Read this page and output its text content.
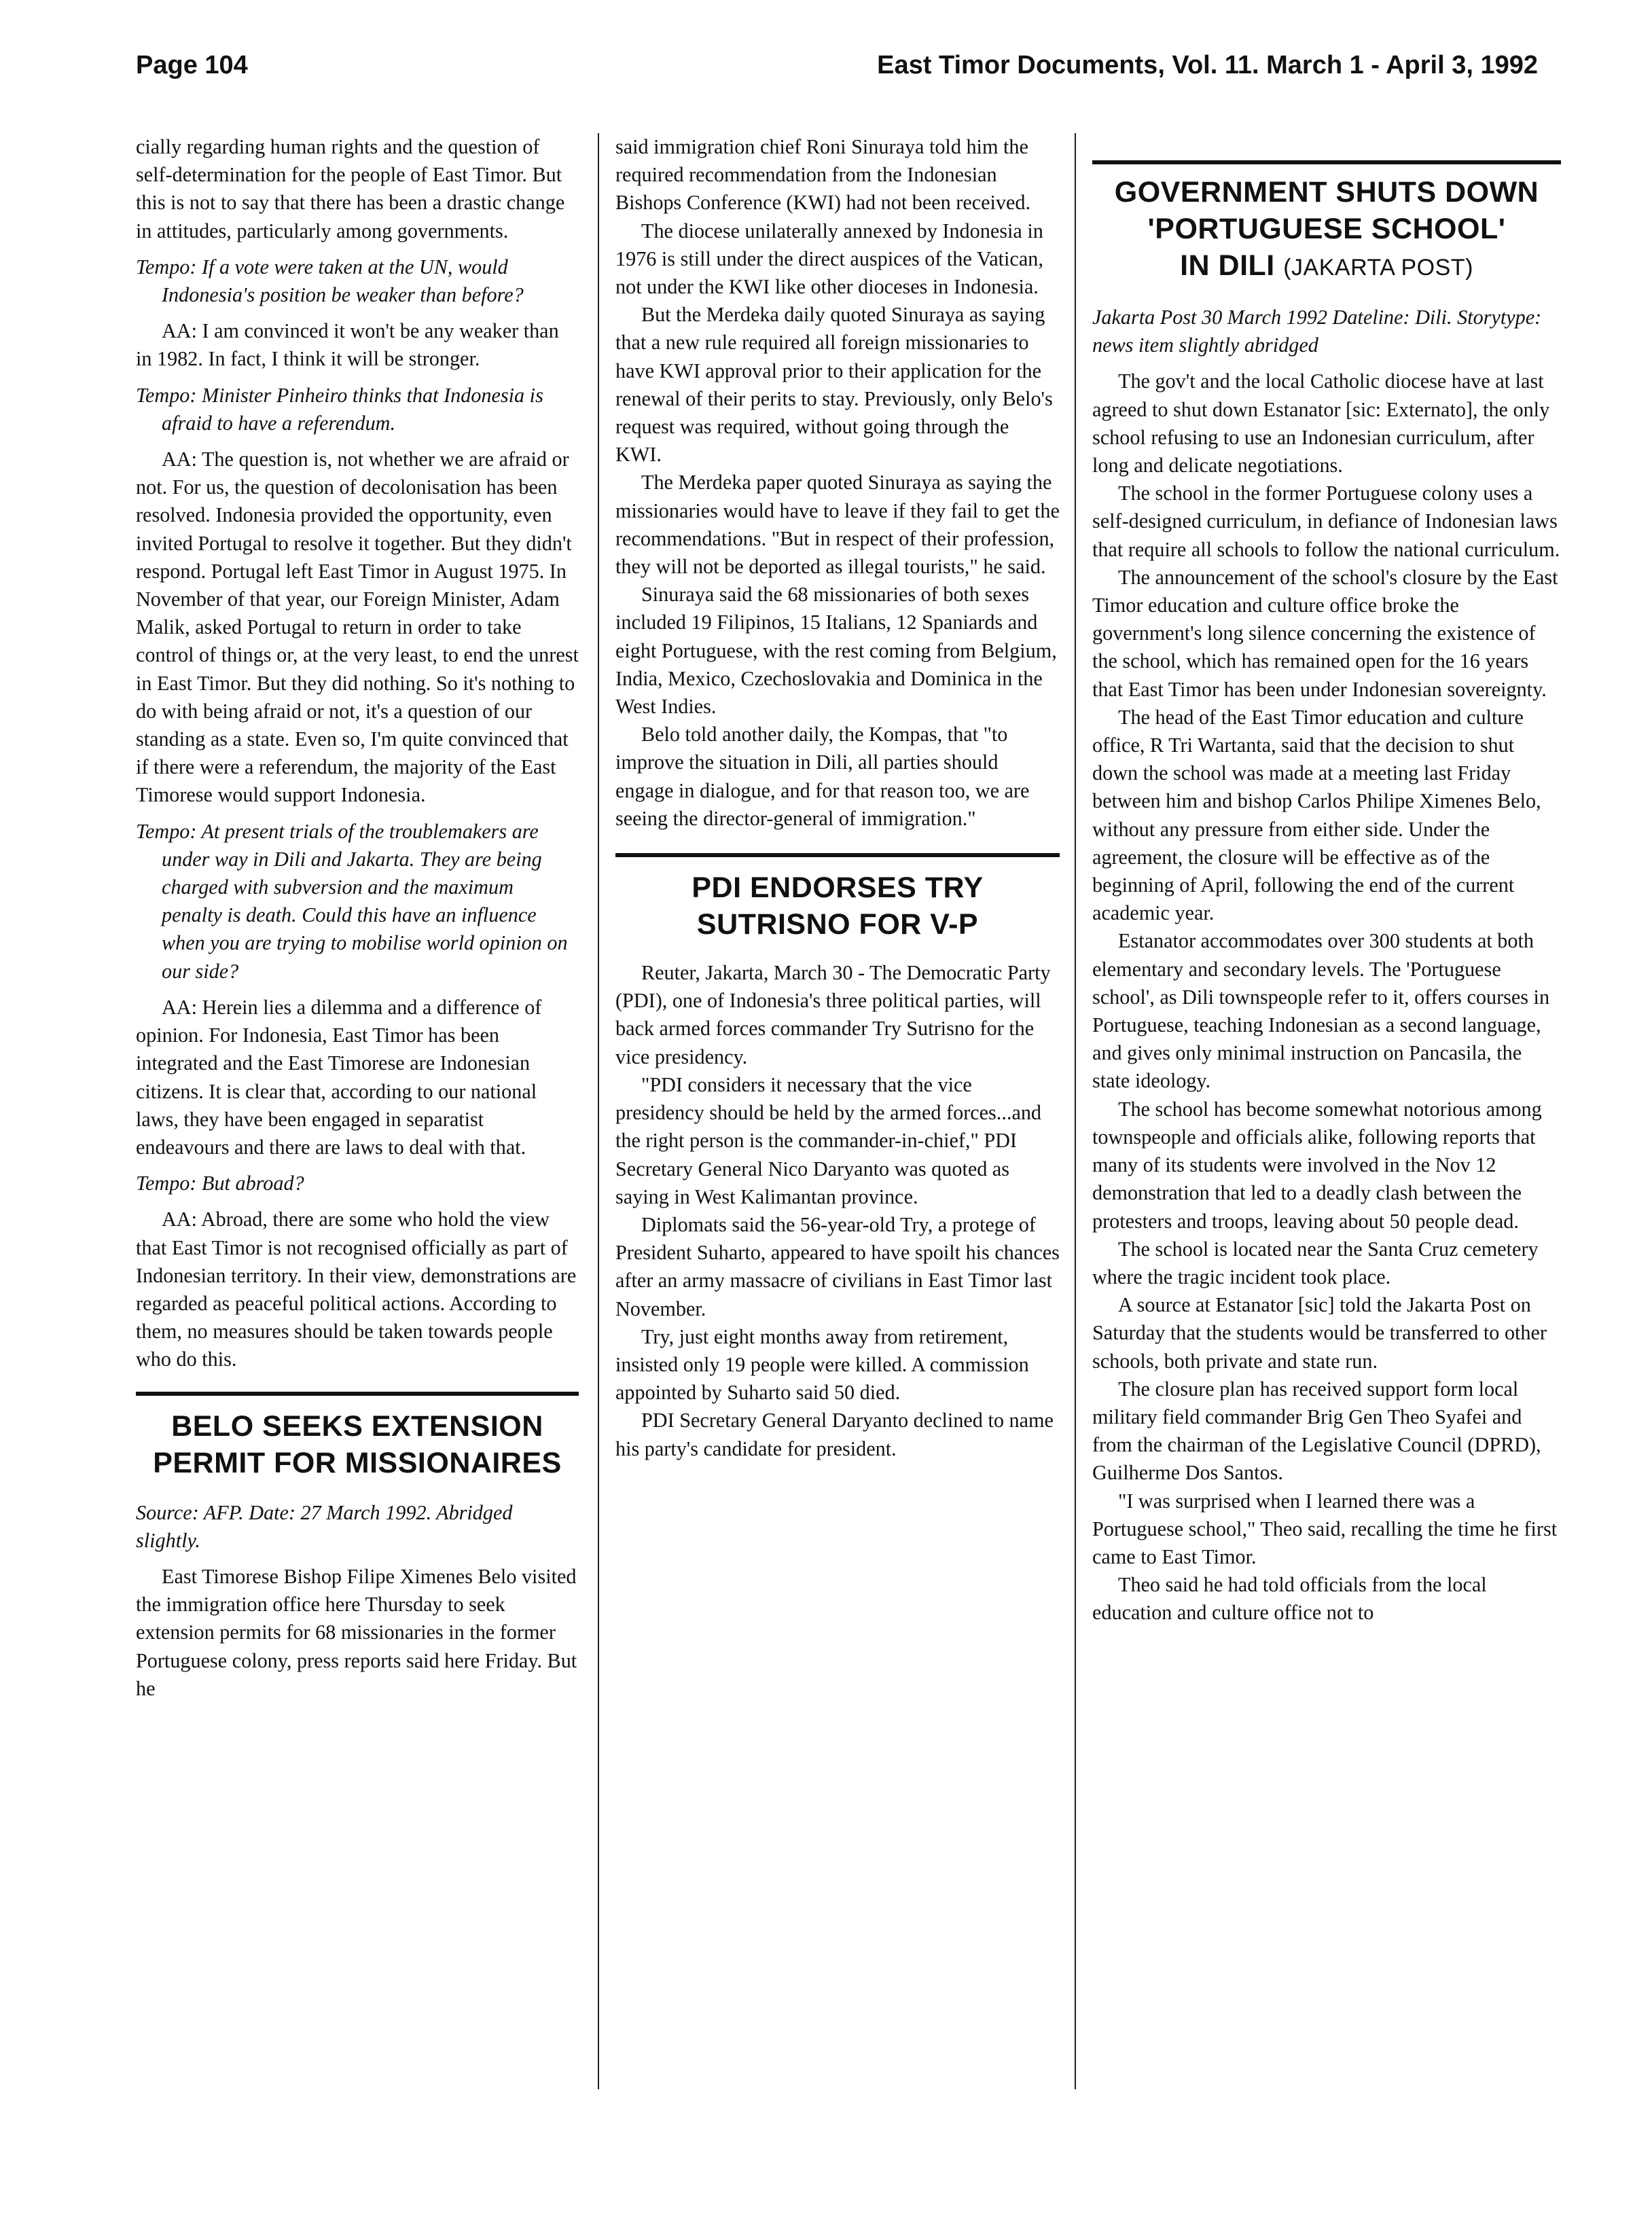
Page 104	East Timor Documents, Vol. 11. March 1 - April 3, 1992

cially regarding human rights and the question of self-determination for the people of East Timor. But this is not to say that there has been a drastic change in attitudes, particularly among governments.

Tempo: If a vote were taken at the UN, would Indonesia's position be weaker than before?

AA: I am convinced it won't be any weaker than in 1982. In fact, I think it will be stronger.

Tempo: Minister Pinheiro thinks that Indonesia is afraid to have a referendum.

AA: The question is, not whether we are afraid or not. For us, the question of decolonisation has been resolved. Indonesia provided the opportunity, even invited Portugal to resolve it together. But they didn't respond. Portugal left East Timor in August 1975. In November of that year, our Foreign Minister, Adam Malik, asked Portugal to return in order to take control of things or, at the very least, to end the unrest in East Timor. But they did nothing. So it's nothing to do with being afraid or not, it's a question of our standing as a state. Even so, I'm quite convinced that if there were a referendum, the majority of the East Timorese would support Indonesia.

Tempo: At present trials of the troublemakers are under way in Dili and Jakarta. They are being charged with subversion and the maximum penalty is death. Could this have an influence when you are trying to mobilise world opinion on our side?

AA: Herein lies a dilemma and a difference of opinion. For Indonesia, East Timor has been integrated and the East Timorese are Indonesian citizens. It is clear that, according to our national laws, they have been engaged in separatist endeavours and there are laws to deal with that.

Tempo: But abroad?

AA: Abroad, there are some who hold the view that East Timor is not recognised officially as part of Indonesian territory. In their view, demonstrations are regarded as peaceful political actions. According to them, no measures should be taken towards people who do this.

BELO SEEKS EXTENSION PERMIT FOR MISSIONAIRES

Source: AFP. Date: 27 March 1992. Abridged slightly.

East Timorese Bishop Filipe Ximenes Belo visited the immigration office here Thursday to seek extension permits for 68 missionaries in the former Portuguese colony, press reports said here Friday. But he

said immigration chief Roni Sinuraya told him the required recommendation from the Indonesian Bishops Conference (KWI) had not been received.

The diocese unilaterally annexed by Indonesia in 1976 is still under the direct auspices of the Vatican, not under the KWI like other dioceses in Indonesia.

But the Merdeka daily quoted Sinuraya as saying that a new rule required all foreign missionaries to have KWI approval prior to their application for the renewal of their perits to stay. Previously, only Belo's request was required, without going through the KWI.

The Merdeka paper quoted Sinuraya as saying the missionaries would have to leave if they fail to get the recommendations. "But in respect of their profession, they will not be deported as illegal tourists," he said.

Sinuraya said the 68 missionaries of both sexes included 19 Filipinos, 15 Italians, 12 Spaniards and eight Portuguese, with the rest coming from Belgium, India, Mexico, Czechoslovakia and Dominica in the West Indies.

Belo told another daily, the Kompas, that "to improve the situation in Dili, all parties should engage in dialogue, and for that reason too, we are seeing the director-general of immigration."

PDI ENDORSES TRY SUTRISNO FOR V-P

Reuter, Jakarta, March 30 - The Democratic Party (PDI), one of Indonesia's three political parties, will back armed forces commander Try Sutrisno for the vice presidency.

"PDI considers it necessary that the vice presidency should be held by the armed forces...and the right person is the commander-in-chief," PDI Secretary General Nico Daryanto was quoted as saying in West Kalimantan province.

Diplomats said the 56-year-old Try, a protege of President Suharto, appeared to have spoilt his chances after an army massacre of civilians in East Timor last November.

Try, just eight months away from retirement, insisted only 19 people were killed. A commission appointed by Suharto said 50 died.

PDI Secretary General Daryanto declined to name his party's candidate for president.

GOVERNMENT SHUTS DOWN 'PORTUGUESE SCHOOL'

IN DILI (JAKARTA POST)

Jakarta Post 30 March 1992 Dateline: Dili. Storytype: news item slightly abridged

The gov't and the local Catholic diocese have at last agreed to shut down Estanator [sic: Externato], the only school refusing to use an Indonesian curriculum, after long and delicate negotiations.

The school in the former Portuguese colony uses a self-designed curriculum, in defiance of Indonesian laws that require all schools to follow the national curriculum.

The announcement of the school's closure by the East Timor education and culture office broke the government's long silence concerning the existence of the school, which has remained open for the 16 years that East Timor has been under Indonesian sovereignty.

The head of the East Timor education and culture office, R Tri Wartanta, said that the decision to shut down the school was made at a meeting last Friday between him and bishop Carlos Philipe Ximenes Belo, without any pressure from either side. Under the agreement, the closure will be effective as of the beginning of April, following the end of the current academic year.

Estanator accommodates over 300 students at both elementary and secondary levels. The 'Portuguese school', as Dili townspeople refer to it, offers courses in Portuguese, teaching Indonesian as a second language, and gives only minimal instruction on Pancasila, the state ideology.

The school has become somewhat notorious among townspeople and officials alike, following reports that many of its students were involved in the Nov 12 demonstration that led to a deadly clash between the protesters and troops, leaving about 50 people dead.

The school is located near the Santa Cruz cemetery where the tragic incident took place.

A source at Estanator [sic] told the Jakarta Post on Saturday that the students would be transferred to other schools, both private and state run.

The closure plan has received support form local military field commander Brig Gen Theo Syafei and from the chairman of the Legislative Council (DPRD), Guilherme Dos Santos.

"I was surprised when I learned there was a Portuguese school," Theo said, recalling the time he first came to East Timor.

Theo said he had told officials from the local education and culture office not to
